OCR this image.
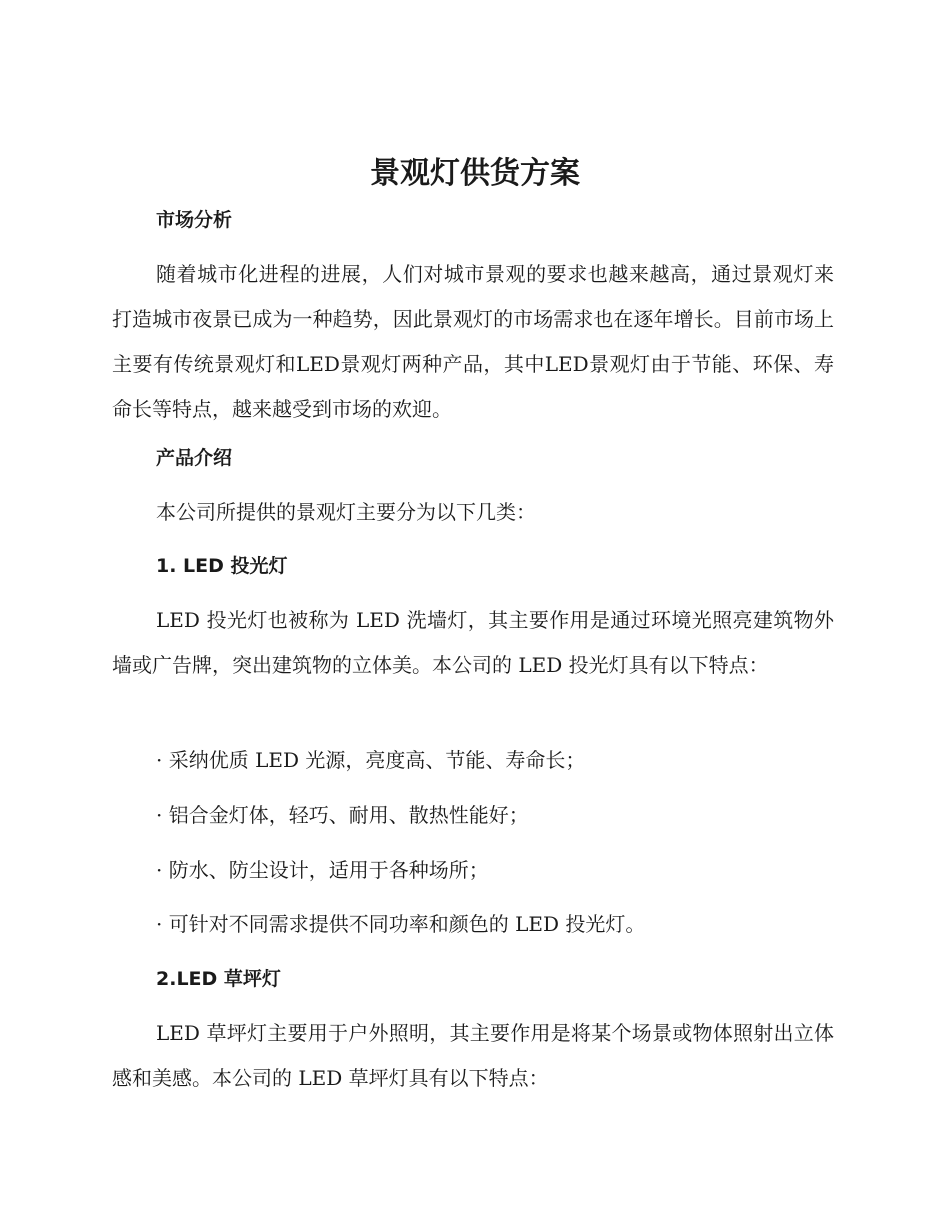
景观灯供货方案
市场分析

随着城市化进程的进展，人们对城市景观的要求也越来越高，通过景观灯来打造城市夜景已成为一种趋势，因此景观灯的市场需求也在逐年增长。目前市场上主要有传统景观灯和LED景观灯两种产品，其中LED景观灯由于节能、环保、寿命长等特点，越来越受到市场的欢迎。

产品介绍

本公司所提供的景观灯主要分为以下几类：

1. LED 投光灯

LED 投光灯也被称为 LED 洗墙灯，其主要作用是通过环境光照亮建筑物外墙或广告牌，突出建筑物的立体美。本公司的 LED 投光灯具有以下特点：

· 采纳优质 LED 光源，亮度高、节能、寿命长；

· 铝合金灯体，轻巧、耐用、散热性能好；

· 防水、防尘设计，适用于各种场所；

· 可针对不同需求提供不同功率和颜色的 LED 投光灯。

2.LED 草坪灯

LED 草坪灯主要用于户外照明，其主要作用是将某个场景或物体照射出立体感和美感。本公司的 LED 草坪灯具有以下特点：
